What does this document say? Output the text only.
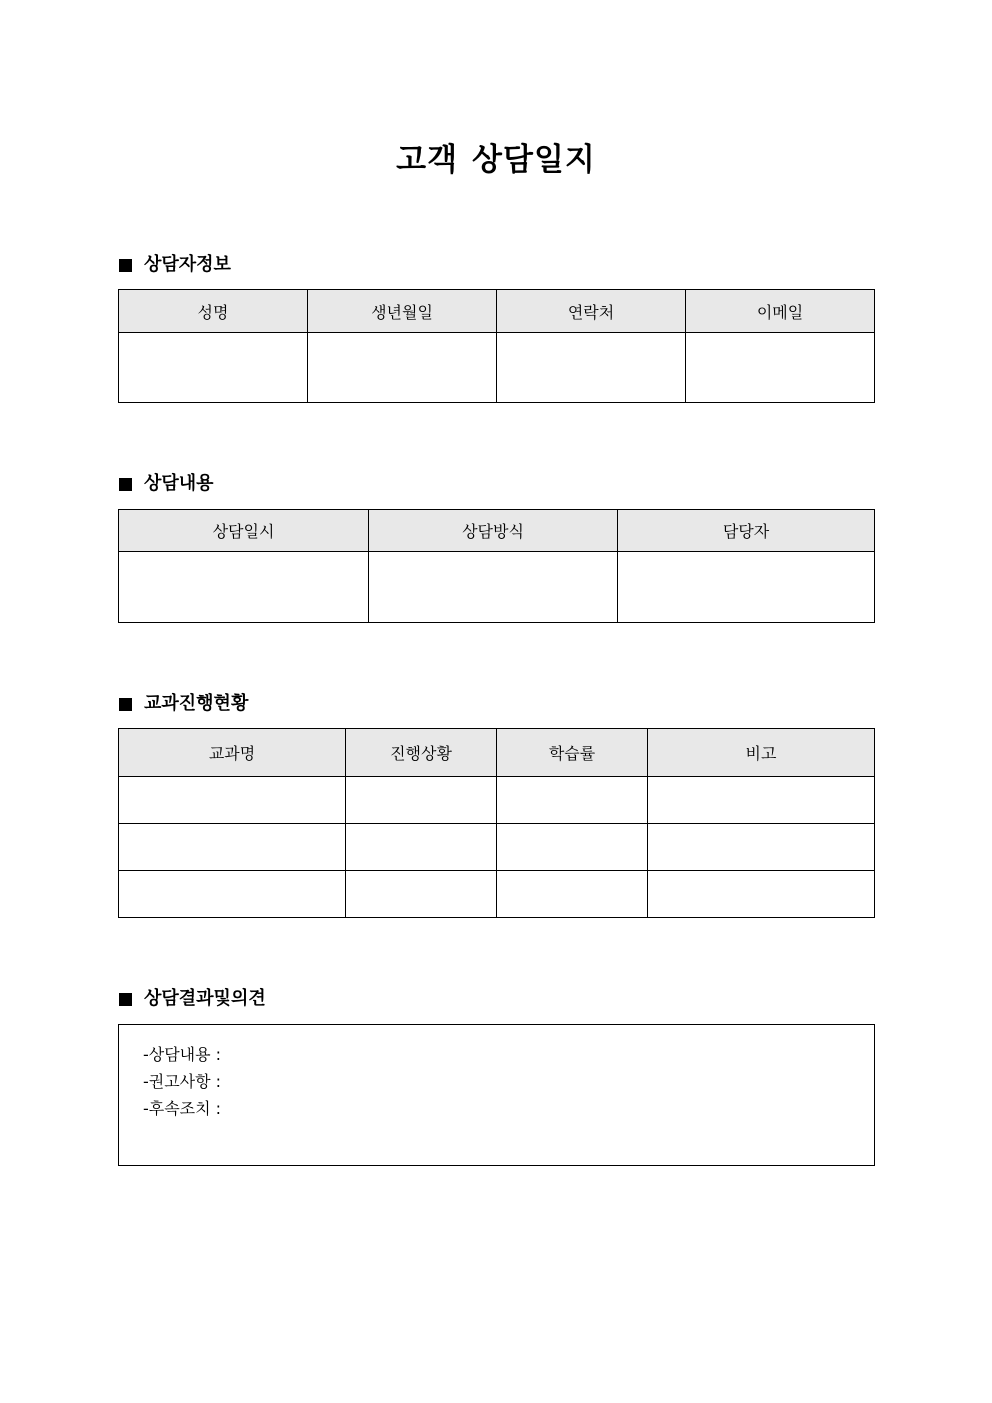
고객 상담일지
상담자정보
성명	생년월일	연락처	이메일

상담내용
상담일시	상담방식	담당자

교과진행현황
교과명	진행상황	학습률	비고

상담결과및의견
-상담내용 :
-권고사항 :
-후속조치 :
